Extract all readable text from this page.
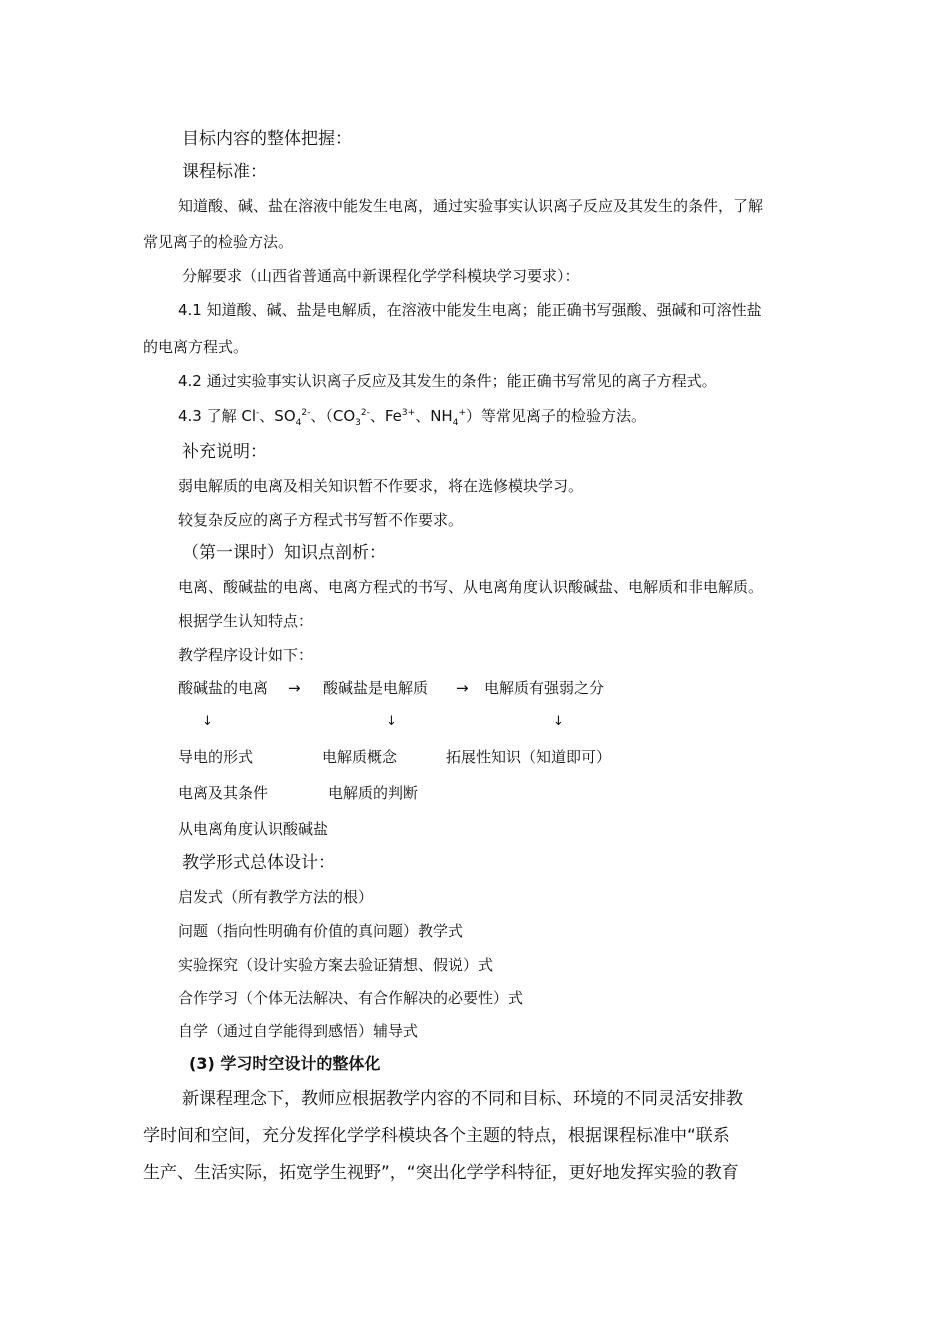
目标内容的整体把握：
课程标准：
知道酸、碱、盐在溶液中能发生电离，通过实验事实认识离子反应及其发生的条件，了解
常见离子的检验方法。
分解要求（山西省普通高中新课程化学学科模块学习要求）：
4.1 知道酸、碱、盐是电解质，在溶液中能发生电离；能正确书写强酸、强碱和可溶性盐
的电离方程式。
4.2 通过实验事实认识离子反应及其发生的条件；能正确书写常见的离子方程式。
4.3 了解 Cl-、$SO_4^{2-}$、（$CO_3^{2-}$、$Fe^{3+}$、$NH_4^+$）等常见离子的检验方法。
补充说明：
弱电解质的电离及相关知识暂不作要求，将在选修模块学习。
较复杂反应的离子方程式书写暂不作要求。
（第一课时）知识点剖析：
电离、酸碱盐的电离、电离方程式的书写、从电离角度认识酸碱盐、电解质和非电解质。
根据学生认知特点：
教学程序设计如下：
酸碱盐的电离 → 酸碱盐是电解质 → 电解质有强弱之分
↓	↓	↓
导电的形式	电解质概念	拓展性知识（知道即可）
电离及其条件	电解质的判断
从电离角度认识酸碱盐
教学形式总体设计：
启发式（所有教学方法的根）
问题（指向性明确有价值的真问题）教学式
实验探究（设计实验方案去验证猜想、假说）式
合作学习（个体无法解决、有合作解决的必要性）式
自学（通过自学能得到感悟）辅导式
(3) 学习时空设计的整体化
新课程理念下，教师应根据教学内容的不同和目标、环境的不同灵活安排教
学时间和空间，充分发挥化学学科模块各个主题的特点，根据课程标准中“联系
生产、生活实际，拓宽学生视野”，“突出化学学科特征，更好地发挥实验的教育
